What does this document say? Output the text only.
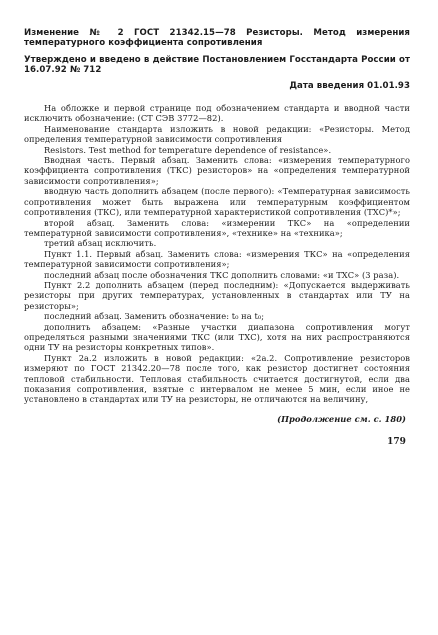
Изменение № 2 ГОСТ 21342.15—78 Резисторы. Метод измерения температурного коэффициента сопротивления

Утверждено и введено в действие Постановлением Госстандарта России от 16.07.92 № 712

Дата введения 01.01.93

На обложке и первой странице под обозначением стандарта и вводной части исключить обозначение: (СТ СЭВ 3772—82).

Наименование стандарта изложить в новой редакции: «Резисторы. Метод определения температурной зависимости сопротивления

Resistors. Test method for temperature dependence of resistance».

Вводная часть. Первый абзац. Заменить слова: «измерения температурного коэффициента сопротивления (ТКС) резисторов» на «определения температурной зависимости сопротивления»;

вводную часть дополнить абзацем (после первого): «Температурная зависимость сопротивления может быть выражена или температурным коэффициентом сопротивления (ТКС), или температурной характеристикой сопротивления (ТХС)*»;

второй абзац. Заменить слова: «измерении ТКС» на «определении температурной зависимости сопротивления», «технике» на «техника»;

третий абзац исключить.

Пункт 1.1. Первый абзац. Заменить слова: «измерения ТКС» на «определения температурной зависимости сопротивления»;

последний абзац после обозначения ТКС дополнить словами: «и ТХС» (3 раза).

Пункт 2.2 дополнить абзацем (перед последним): «Допускается выдерживать резисторы при других температурах, установленных в стандартах или ТУ на резисторы»;

последний абзац. Заменить обозначение: t₀ на t₀;

дополнить абзацем: «Разные участки диапазона сопротивления могут определяться разными значениями ТКС (или ТХС), хотя на них распространяются одни ТУ на резисторы конкретных типов».

Пункт 2а.2 изложить в новой редакции: «2а.2. Сопротивление резисторов измеряют по ГОСТ 21342.20—78 после того, как резистор достигнет состояния тепловой стабильности. Тепловая стабильность считается достигнутой, если два показания сопротивления, взятые с интервалом не менее 5 мин, если иное не установлено в стандартах или ТУ на резисторы, не отличаются на величину,

(Продолжение см. с. 180)
179
